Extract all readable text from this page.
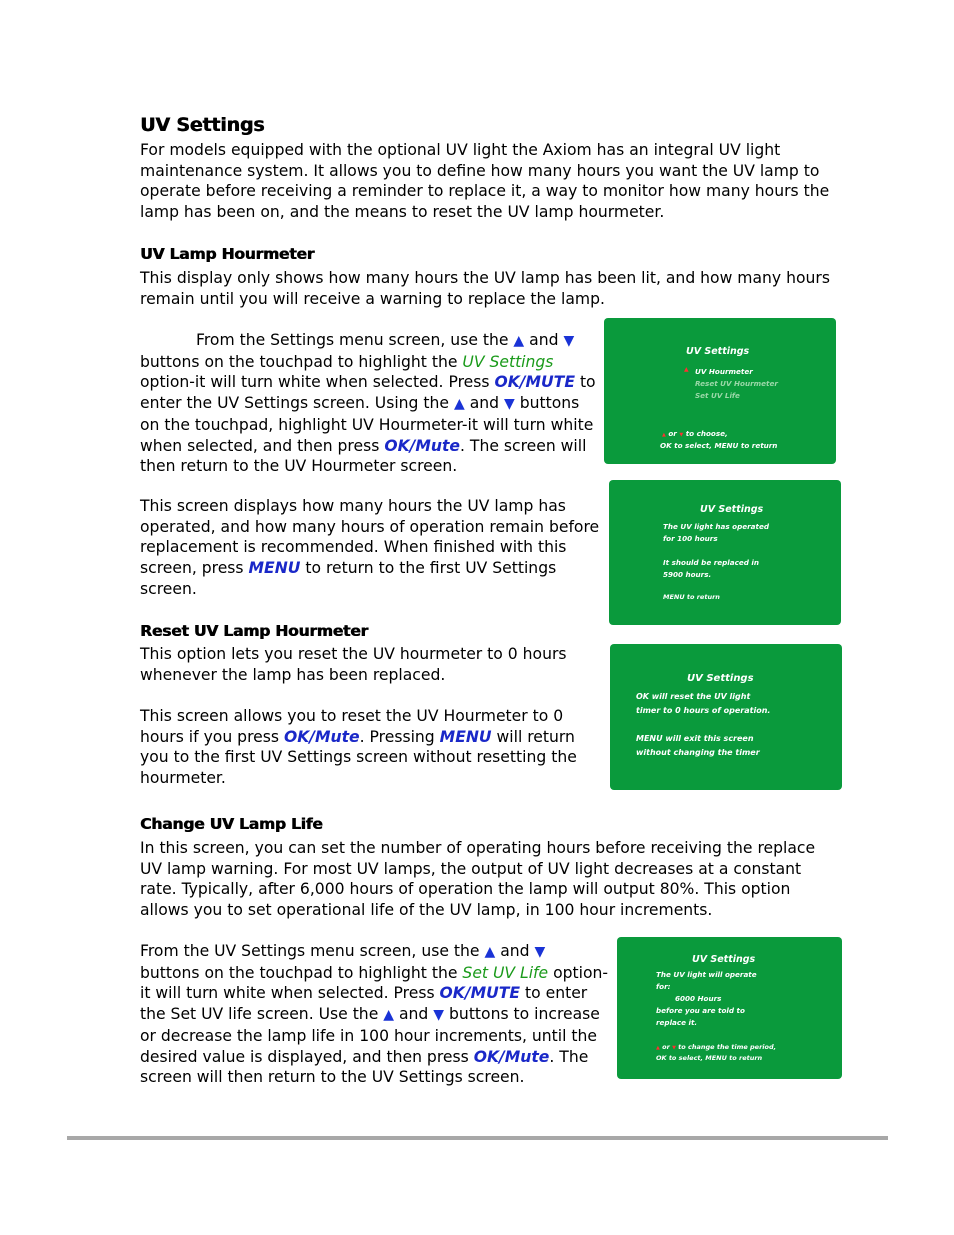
UV Settings
For models equipped with the optional UV light the Axiom has an integral UV light
maintenance system. It allows you to define how many hours you want the UV lamp to
operate before receiving a reminder to replace it, a way to monitor how many hours the
lamp has been on, and the means to reset the UV lamp hourmeter.
UV Lamp Hourmeter
This display only shows how many hours the UV lamp has been lit, and how many hours
remain until you will receive a warning to replace the lamp.
From the Settings menu screen, use the ▲ and ▼
buttons on the touchpad to highlight the UV Settings
option-it will turn white when selected. Press OK/MUTE to
enter the UV Settings screen. Using the ▲ and ▼ buttons
on the touchpad, highlight UV Hourmeter-it will turn white
when selected, and then press OK/Mute. The screen will
then return to the UV Hourmeter screen.
This screen displays how many hours the UV lamp has
operated, and how many hours of operation remain before
replacement is recommended. When finished with this
screen, press MENU to return to the first UV Settings
screen.
Reset UV Lamp Hourmeter
This option lets you reset the UV hourmeter to 0 hours
whenever the lamp has been replaced.
This screen allows you to reset the UV Hourmeter to 0
hours if you press OK/Mute. Pressing MENU will return
you to the first UV Settings screen without resetting the
hourmeter.
Change UV Lamp Life
In this screen, you can set the number of operating hours before receiving the replace
UV lamp warning. For most UV lamps, the output of UV light decreases at a constant
rate. Typically, after 6,000 hours of operation the lamp will output 80%. This option
allows you to set operational life of the UV lamp, in 100 hour increments.
From the UV Settings menu screen, use the ▲ and ▼
buttons on the touchpad to highlight the Set UV Life option-
it will turn white when selected. Press OK/MUTE to enter
the Set UV life screen. Use the ▲ and ▼ buttons to increase
or decrease the lamp life in 100 hour increments, until the
desired value is displayed, and then press OK/Mute. The
screen will then return to the UV Settings screen.
UV Settings
▲ UV Hourmeter
Reset UV Hourmeter
Set UV Life
▲ or ▼ to choose,
OK to select, MENU to return
UV Settings
The UV light has operated
for 100 hours
It should be replaced in
5900 hours.
MENU to return
UV Settings
OK will reset the UV light
timer to 0 hours of operation.
MENU will exit this screen
without changing the timer
UV Settings
The UV light will operate
for:
6000 Hours
before you are told to
replace it.
▲ or ▼ to change the time period,
OK to select, MENU to return
